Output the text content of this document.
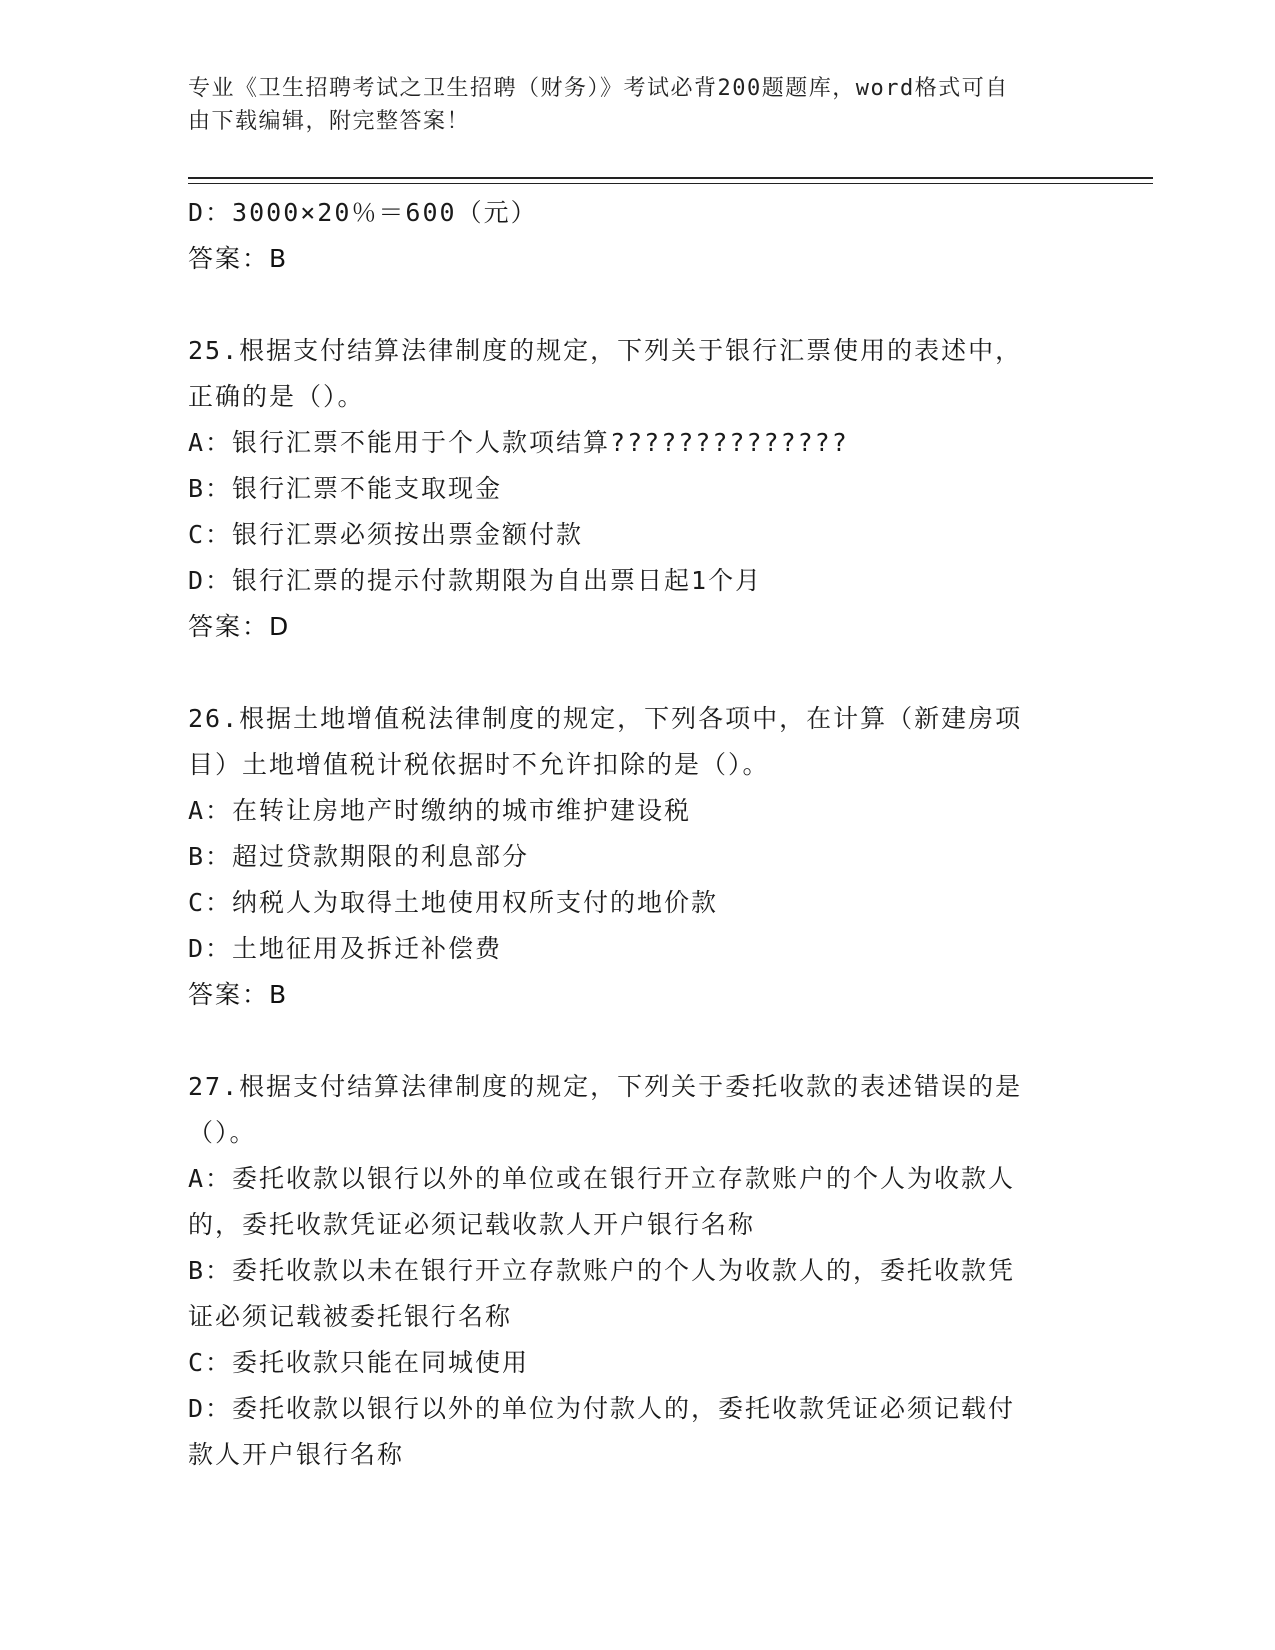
专业《卫生招聘考试之卫生招聘（财务）》考试必背200题题库，word格式可自
由下载编辑，附完整答案！
D：3000×20％＝600（元）
答案：B
25.根据支付结算法律制度的规定，下列关于银行汇票使用的表述中，
正确的是（）。
A：银行汇票不能用于个人款项结算??????????????
B：银行汇票不能支取现金
C：银行汇票必须按出票金额付款
D：银行汇票的提示付款期限为自出票日起1个月
答案：D
26.根据土地增值税法律制度的规定，下列各项中，在计算（新建房项
目）土地增值税计税依据时不允许扣除的是（）。
A：在转让房地产时缴纳的城市维护建设税
B：超过贷款期限的利息部分
C：纳税人为取得土地使用权所支付的地价款
D：土地征用及拆迁补偿费
答案：B
27.根据支付结算法律制度的规定，下列关于委托收款的表述错误的是
（）。
A：委托收款以银行以外的单位或在银行开立存款账户的个人为收款人
的，委托收款凭证必须记载收款人开户银行名称
B：委托收款以未在银行开立存款账户的个人为收款人的，委托收款凭
证必须记载被委托银行名称
C：委托收款只能在同城使用
D：委托收款以银行以外的单位为付款人的，委托收款凭证必须记载付
款人开户银行名称
